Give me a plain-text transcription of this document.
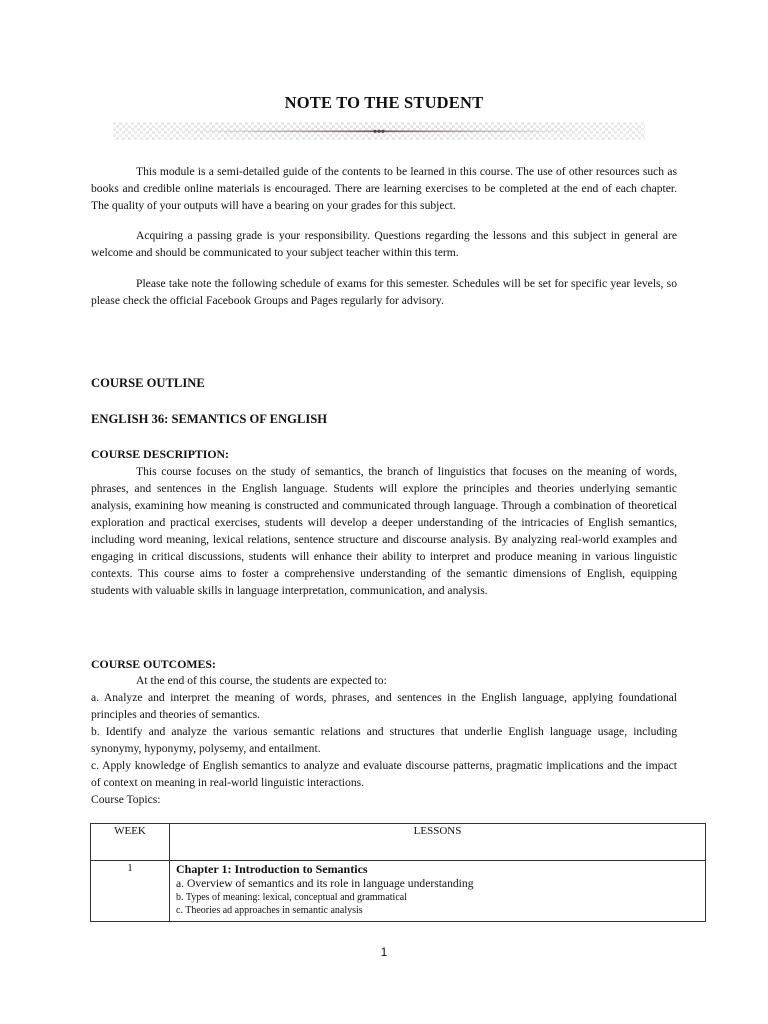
NOTE TO THE STUDENT
This module is a semi-detailed guide of the contents to be learned in this course. The use of other resources such as books and credible online materials is encouraged. There are learning exercises to be completed at the end of each chapter. The quality of your outputs will have a bearing on your grades for this subject.
Acquiring a passing grade is your responsibility. Questions regarding the lessons and this subject in general are welcome and should be communicated to your subject teacher within this term.
Please take note the following schedule of exams for this semester. Schedules will be set for specific year levels, so please check the official Facebook Groups and Pages regularly for advisory.
COURSE OUTLINE
ENGLISH 36: SEMANTICS OF ENGLISH
COURSE DESCRIPTION:
This course focuses on the study of semantics, the branch of linguistics that focuses on the meaning of words, phrases, and sentences in the English language. Students will explore the principles and theories underlying semantic analysis, examining how meaning is constructed and communicated through language. Through a combination of theoretical exploration and practical exercises, students will develop a deeper understanding of the intricacies of English semantics, including word meaning, lexical relations, sentence structure and discourse analysis. By analyzing real-world examples and engaging in critical discussions, students will enhance their ability to interpret and produce meaning in various linguistic contexts. This course aims to foster a comprehensive understanding of the semantic dimensions of English, equipping students with valuable skills in language interpretation, communication, and analysis.
COURSE OUTCOMES:

At the end of this course, the students are expected to:

a. Analyze and interpret the meaning of words, phrases, and sentences in the English language, applying foundational principles and theories of semantics.

b. Identify and analyze the various semantic relations and structures that underlie English language usage, including synonymy, hyponymy, polysemy, and entailment.

c. Apply knowledge of English semantics to analyze and evaluate discourse patterns, pragmatic implications and the impact of context on meaning in real-world linguistic interactions.

Course Topics:

WEEK	LESSONS
1	Chapter 1: Introduction to Semantics
a. Overview of semantics and its role in language understanding
b. Types of meaning: lexical, conceptual and grammatical
c. Theories ad approaches in semantic analysis
1
